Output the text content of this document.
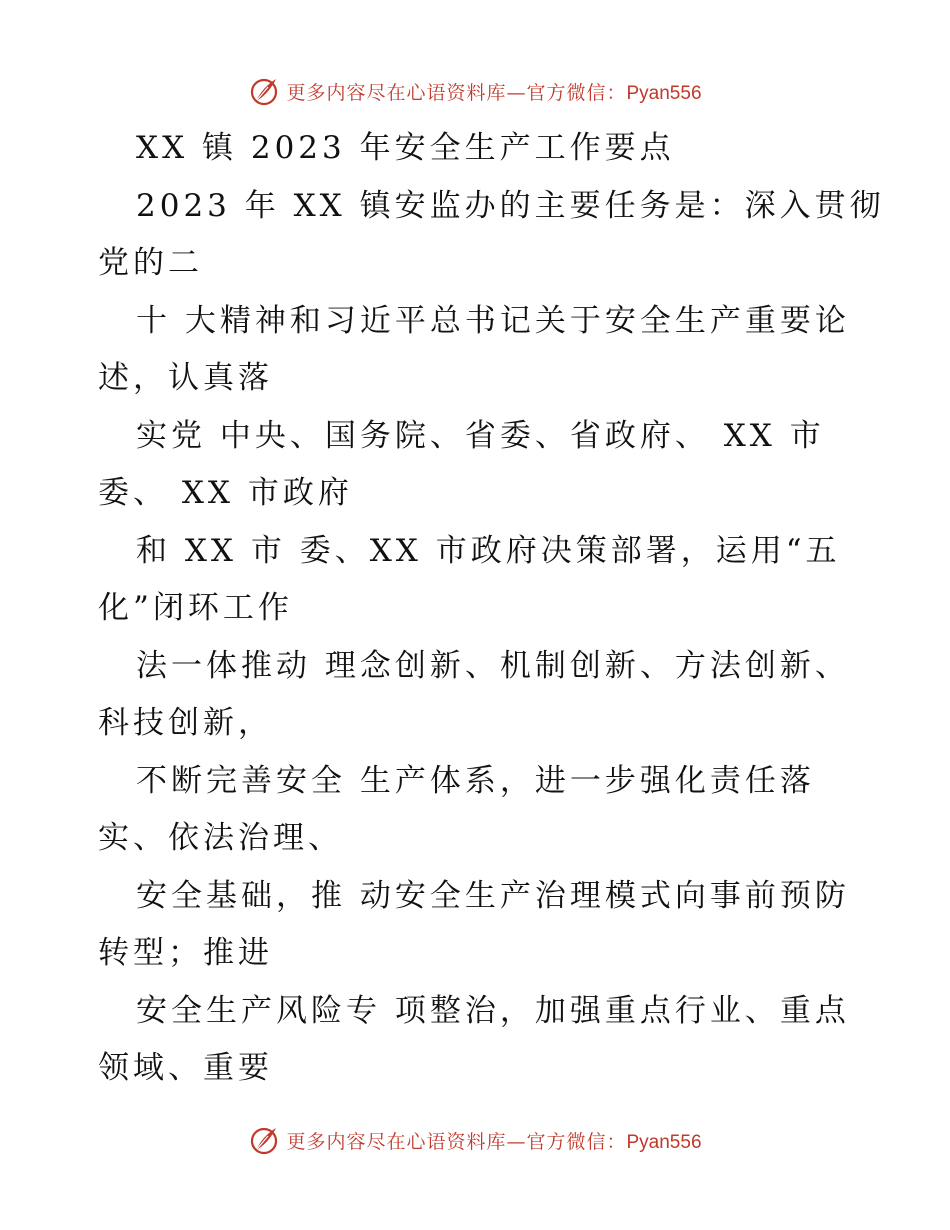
更多内容尽在心语资料库—官方微信：Pyan556

XX 镇 2023 年安全生产工作要点

2023 年 XX 镇安监办的主要任务是：深入贯彻

党的二

十 大精神和习近平总书记关于安全生产重要论

述，认真落

实党 中央、国务院、省委、省政府、 XX 市

委、 XX 市政府

和 XX 市 委、XX 市政府决策部署，运用“五

化”闭环工作

法一体推动 理念创新、机制创新、方法创新、

科技创新，

不断完善安全 生产体系，进一步强化责任落

实、依法治理、

安全基础，推 动安全生产治理模式向事前预防

转型；推进

安全生产风险专 项整治，加强重点行业、重点

领域、重要

更多内容尽在心语资料库—官方微信：Pyan556
